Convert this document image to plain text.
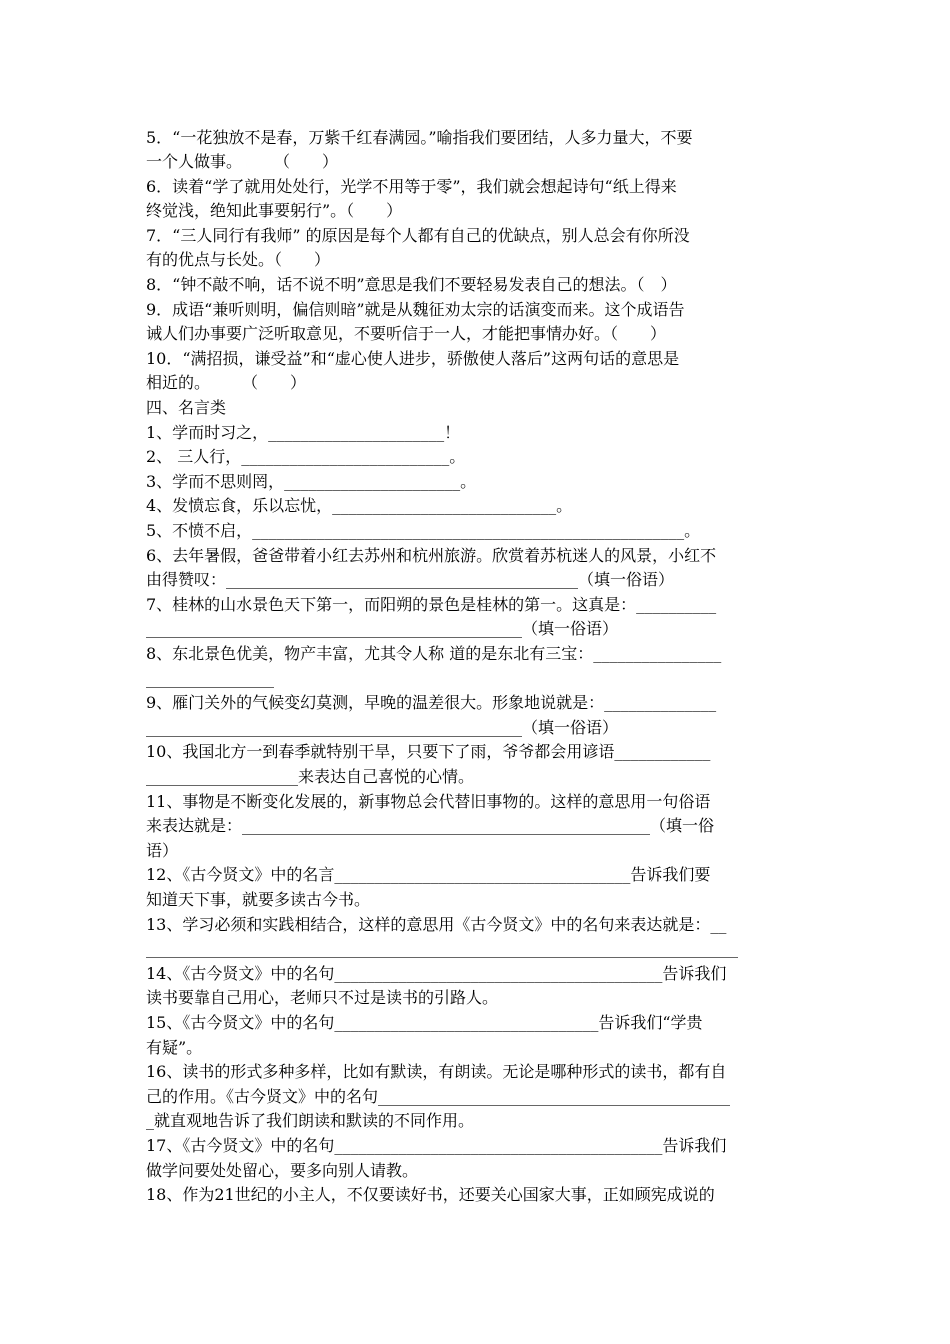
5．“一花独放不是春，万紫千红春满园。”喻指我们要团结，人多力量大，不要
一个人做事。　　　（　　）
6．读着“学了就用处处行，光学不用等于零”，我们就会想起诗句“纸上得来
终觉浅，绝知此事要躬行”。（　　）
7．“三人同行有我师” 的原因是每个人都有自己的优缺点，别人总会有你所没
有的优点与长处。（　　）
8．“钟不敲不响，话不说不明”意思是我们不要轻易发表自己的想法。（　）
9．成语“兼听则明，偏信则暗”就是从魏征劝太宗的话演变而来。这个成语告
诫人们办事要广泛听取意见，不要听信于一人，才能把事情办好。（　　）
10．“满招损，谦受益”和“虚心使人进步，骄傲使人落后”这两句话的意思是
相近的。　　　（　　）
四、名言类
1、学而时习之，______________________！
2、 三人行，__________________________。
3、学而不思则罔，______________________。
4、发愤忘食，乐以忘忧，____________________________。
5、不愤不启，______________________________________________________。
6、去年暑假，爸爸带着小红去苏州和杭州旅游。欣赏着苏杭迷人的风景，小红不
由得赞叹：____________________________________________（填一俗语）
7、桂林的山水景色天下第一，而阳朔的景色是桂林的第一。这真是：__________
_______________________________________________（填一俗语）
8、东北景色优美，物产丰富，尤其令人称 道的是东北有三宝：________________
________________
9、雁门关外的气候变幻莫测，早晚的温差很大。形象地说就是：______________
_______________________________________________（填一俗语）
10、我国北方一到春季就特别干旱，只要下了雨，爷爷都会用谚语____________
___________________来表达自己喜悦的心情。
11、事物是不断变化发展的，新事物总会代替旧事物的。这样的意思用一句俗语
来表达就是：___________________________________________________（填一俗
语）
12、《古今贤文》中的名言_____________________________________告诉我们要
知道天下事，就要多读古今书。
13、学习必须和实践相结合，这样的意思用《古今贤文》中的名句来表达就是：__
__________________________________________________________________________
14、《古今贤文》中的名句_________________________________________告诉我们
读书要靠自己用心，老师只不过是读书的引路人。
15、《古今贤文》中的名句_________________________________告诉我们“学贵
有疑”。
16、读书的形式多种多样，比如有默读，有朗读。无论是哪种形式的读书，都有自
己的作用。《古今贤文》中的名句____________________________________________
_就直观地告诉了我们朗读和默读的不同作用。
17、《古今贤文》中的名句_________________________________________告诉我们
做学问要处处留心，要多向别人请教。
18、作为21世纪的小主人，不仅要读好书，还要关心国家大事，正如顾宪成说的
